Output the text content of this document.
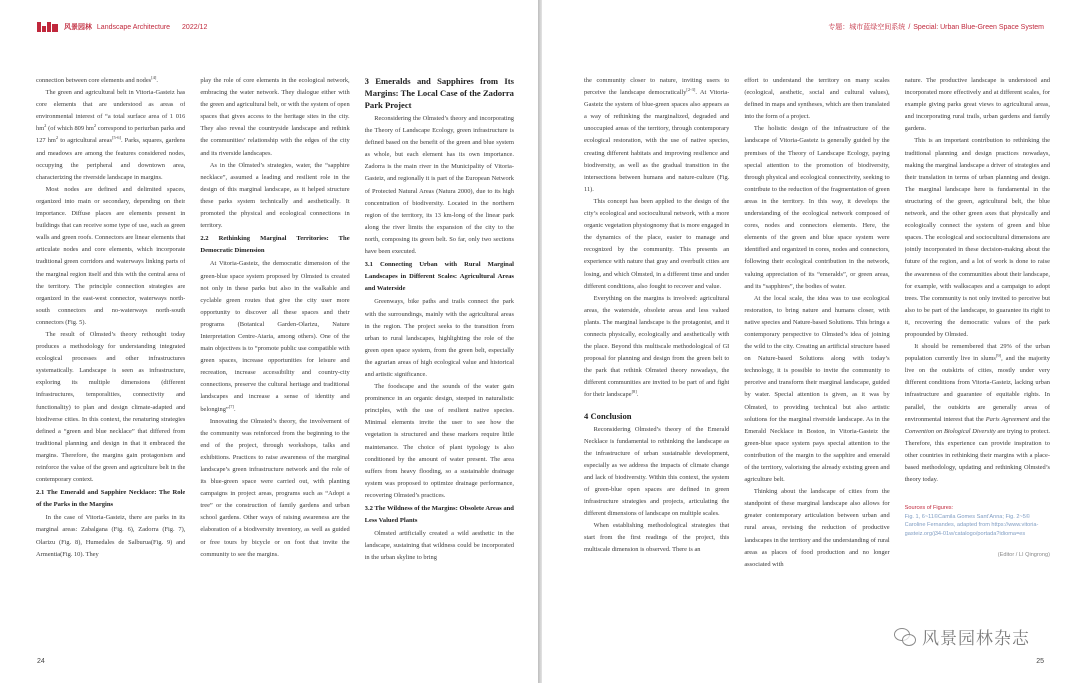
风景园林 Landscape Architecture 2022/12

connection between core elements and nodes[4].

The green and agricultural belt in Vitoria-Gasteiz has core elements that are understood as areas of environmental interest of “a total surface area of 1 016 $hm^2$ (of which 809 $hm^2$ correspond to periurban parks and 127 $hm^2$ to agricultural areas[5-6]. Parks, squares, gardens and meadows are among the features considered nodes, occupying the peripheral and downtown area, characterizing the riverside landscape in margins.

Most nodes are defined and delimited spaces, organized into main or secondary, depending on their importance. Diffuse places are elements present in buildings that can receive some type of use, such as green walls and green roofs. Connectors are linear elements that articulate nodes and core elements, which incorporate traditional green corridors and waterways linking parts of the marginal region itself and this with the central area of the territory. The principle connection strategies are organized in the east-west connector, waterways north-south connectors and no-waterways north-south connectors (Fig. 5).

The result of Olmsted’s theory rethought today produces a methodology for understanding integrated ecological processes and other infrastructures systematically. Landscape is seen as infrastructure, exploring its multiple dimensions (different infrastructures, temporalities, connectivity and functionality) to plan and design climate-adapted and biodiverse cities. In this context, the renaturing strategies defined a “green and blue necklace” that differed from traditional planning and design in that it embraced the margins. Therefore, the margins gain protagonism and reinforce the value of the green and agriculture belt in the contemporary context.

2.1 The Emerald and Sapphire Necklace: The Role of the Parks in the Margins

In the case of Vitoria-Gasteiz, there are parks in its marginal areas: Zabalgana (Fig. 6), Zadorra (Fig. 7), Olarizu (Fig. 8), Humedales de Salburua(Fig. 9) and Armentia(Fig. 10). They

play the role of core elements in the ecological network, embracing the water network. They dialogue either with the green and agricultural belt, or with the system of open spaces that gives access to the heritage sites in the city. They also reveal the countryside landscape and rethink the communities’ relationship with the edges of the city and its riverside landscapes.

As in the Olmsted’s strategies, water, the “sapphire necklace”, assumed a leading and resilient role in the design of this marginal landscape, as it helped structure these parks system technically and aesthetically. It promoted the physical and ecological connections in territory.

2.2 Rethinking Marginal Territories: The Democratic Dimension

At Vitoria-Gasteiz, the democratic dimension of the green-blue space system proposed by Olmsted is created not only in these parks but also in the walkable and cyclable green routes that give the city user more opportunity to discover all these spaces and their programs (Botanical Garden-Olarizu, Nature Interpretation Centre-Ataria, among others). One of the main objectives is to “promote public use compatible with green spaces, increase opportunities for leisure and recreation, increase accessibility and country-city connections, preserve the cultural heritage and traditional landscapes and increase a sense of identity and belonging”[7].

Innovating the Olmsted’s theory, the involvement of the community was reinforced from the beginning to the end of the project, through workshops, talks and exhibitions. Practices to raise awareness of the marginal landscape’s green infrastructure network and the role of its blue-green space were carried out, with planting campaigns in project areas, programs such as “Adopt a tree” or the construction of family gardens and urban school gardens. Other ways of raising awareness are the elaboration of a biodiversity inventory, as well as guided or free tours by bicycle or on foot that invite the community to see the margins.

3 Emeralds and Sapphires from Its Margins: The Local Case of the Zadorra Park Project

Reconsidering the Olmsted’s theory and incorporating the Theory of Landscape Ecology, green infrastructure is defined based on the benefit of the green and blue system as whole, but each element has its own importance. Zadorra is the main river in the Municipality of Vitoria-Gasteiz, and regionally it is part of the European Network of Protected Natural Areas (Natura 2000), due to its high concentration of biodiversity. Located in the northern region of the territory, its 13 km-long of the linear park along the river limits the expansion of the city to the north, composing its green belt. So far, only two sections have been executed.

3.1 Connecting Urban with Rural Marginal Landscapes in Different Scales: Agricultural Areas and Waterside

Greenways, bike paths and trails connect the park with the surroundings, mainly with the agricultural areas in the region. The project seeks to the transition from urban to rural landscapes, highlighting the role of the green open space system, from the green belt, especially the agrarian areas of high ecological value and historical and artistic significance.

The foodscape and the sounds of the water gain prominence in an organic design, steeped in naturalistic principles, with the use of resilient native species. Minimal elements invite the user to see how the vegetation is structured and these markers require little maintenance. The choice of plant typology is also conditioned by the amount of water present. The area suffers from heavy flooding, so a sustainable drainage system was proposed to optimize drainage performance, recovering Olmsted’s practices.

3.2 The Wildness of the Margins: Obsolete Areas and Less Valued Plants

Olmsted artificially created a wild aesthetic in the landscape, sustaining that wildness could be incorporated in the urban skyline to bring

24
专题：城市蓝绿空间系统 / Special: Urban Blue-Green Space System

the community closer to nature, inviting users to perceive the landscape democratically[2-3]. At Vitoria-Gasteiz the system of blue-green spaces also appears as a way of rethinking the marginalized, degraded and unoccupied areas of the territory, through contemporary ecological restoration, with the use of native species, creating different habitats and improving resilience and biodiversity, as well as the gradual transition in the intersections between humans and nature-culture (Fig. 11).

This concept has been applied to the design of the city’s ecological and sociocultural network, with a more organic vegetation physiognomy that is more engaged in the dynamics of the place, easier to manage and recognized by the community. This presents an experience with nature that gray and overbuilt cities are losing, and which Olmsted, in a different time and under different conditions, also fought to recover and value.

Everything on the margins is involved: agricultural areas, the waterside, obsolete areas and less valued plants. The marginal landscape is the protagonist, and it connects physically, ecologically and aesthetically with the place. Beyond this multiscale methodological of GI proposal for planning and design from the green belt to the park that rethink Olmsted theory nowadays, the different communities are invited to be part of and fight for their landscape[8].

4 Conclusion

Reconsidering Olmsted’s theory of the Emerald Necklace is fundamental to rethinking the landscape as the infrastructure of urban sustainable development, especially as we address the impacts of climate change and lack of biodiversity. Within this context, the system of green-blue open spaces are defined in green infrastructure strategies and projects, articulating the different dimensions of landscape on multiple scales.

When establishing methodological strategies that start from the first readings of the project, this multiscale dimension is observed. There is an

effort to understand the territory on many scales (ecological, aesthetic, social and cultural values), defined in maps and syntheses, which are then translated into the form of a project.

The holistic design of the infrastructure of the landscape of Vitoria-Gasteiz is generally guided by the premises of the Theory of Landscape Ecology, paying special attention to the promotion of biodiversity, through physical and ecological connectivity, seeking to contribute to the reduction of the fragmentation of green areas in the territory. In this way, it develops the understanding of the ecological network composed of cores, nodes and connectors elements. Here, the elements of the green and blue space system were identified and organized in cores, nodes and connectors, following their ecological contribution in the network, valuing appreciation of its “emeralds”, or green areas, and its “sapphires”, the bodies of water.

At the local scale, the idea was to use ecological restoration, to bring nature and humans closer, with native species and Nature-based Solutions. This brings a contemporary perspective to Olmsted’s idea of joining the wild to the city. Creating an artificial structure based on Nature-based Solutions along with today’s technology, it is possible to invite the community to perceive and transform their marginal landscape, guided by water. Special attention is given, as it was by Olmsted, to providing technical but also artistic solutions for the marginal riverside landscape. As in the Emerald Necklace in Boston, in Vitoria-Gasteiz the green-blue space system pays special attention to the contribution of the margin to the sapphire and emerald of the territory, valorising the already existing green and agriculture belt.

Thinking about the landscape of cities from the standpoint of these marginal landscape also allows for greater contemporary articulation between urban and rural areas, revising the reduction of productive landscapes in the territory and the understanding of rural areas as places of food production and no longer associated with

nature. The productive landscape is understood and incorporated more effectively and at different scales, for example giving parks great views to agricultural areas, and incorporating rural trails, urban gardens and family gardens.

This is an important contribution to rethinking the traditional planning and design practices nowadays, making the marginal landscape a driver of strategies and their translation in terms of urban planning and design. The marginal landscape here is fundamental in the structuring of the green, agricultural belt, the blue network, and the other green axes that physically and ecologically connect the system of green and blue spaces. The ecological and sociocultural dimensions are jointly incorporated in these decision-making about the future of the region, and a lot of work is done to raise the awareness of the communities about their landscape, for example, with walkscapes and a campaign to adopt trees. The community is not only invited to perceive but also to be part of the landscape, to guarantee its right to it, recovering the democratic values of the park propounded by Olmsted.

It should be remembered that 29% of the urban population currently live in slums[9], and the majority live on the outskirts of cities, mostly under very different conditions from Vitoria-Gasteiz, lacking urban infrastructure and guarantee of equitable rights. In parallel, the outskirts are generally areas of environmental interest that the Paris Agreement and the Convention on Biological Diversity are trying to protect. Therefore, this experience can provide inspiration to other countries in rethinking their margins with a place-based methodology, updating and rethinking Olmsted’s theory today.

Sources of Figures:
Fig. 1, 6~11©Camila Gomes Sant’Anna; Fig. 2~5© Caroline Fernandes, adapted from https://www.vitoria-gasteiz.org/j34-01w/catalogo/portada?idioma=es
(Editor / LI Qingrong)
风景园林杂志
25
